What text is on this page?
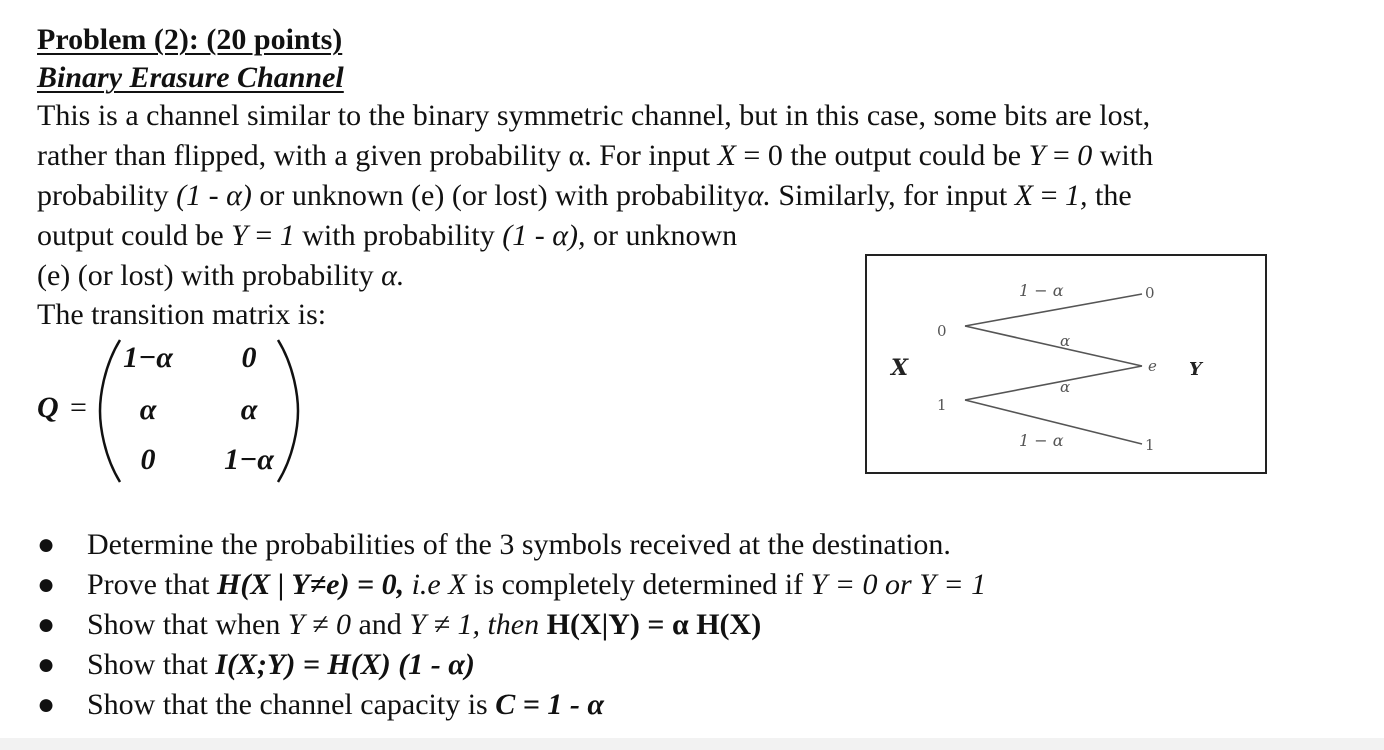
Problem (2): (20 points)
Binary Erasure Channel
This is a channel similar to the binary symmetric channel, but in this case, some bits are lost,
rather than flipped, with a given probability α. For input X = 0 the output could be Y = 0 with
probability (1 - α) or unknown (e) (or lost) with probabilityα. Similarly, for input X = 1, the
output could be Y = 1 with probability (1 - α), or unknown
(e) (or lost) with probability α.
The transition matrix is:
Q =
1−α	0
α	α
0	1−α
X	Y
0
1
0
e
1
1 − α
α
α
1 − α
● Determine the probabilities of the 3 symbols received at the destination.
● Prove that H(X | Y≠e) = 0, i.e X is completely determined if Y = 0 or Y = 1
● Show that when Y ≠ 0 and Y ≠ 1, then H(X|Y) = α H(X)
● Show that I(X;Y) = H(X) (1 - α)
● Show that the channel capacity is C = 1 - α
